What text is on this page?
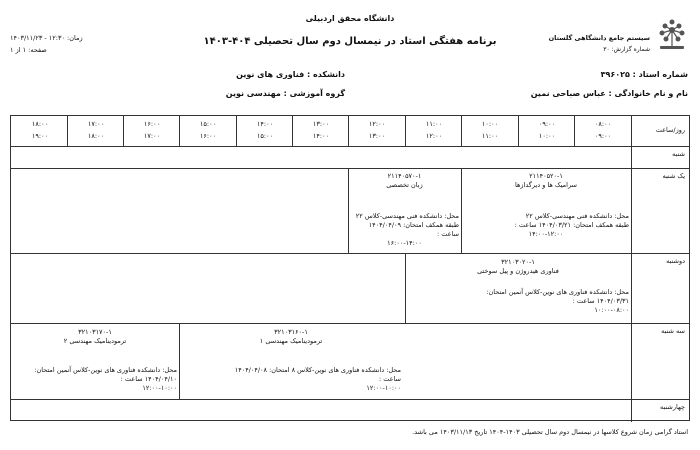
دانشگاه محقق اردبیلی
برنامه هفتگی استاد در نیمسال دوم سال تحصیلی ۴۰۴-۱۴۰۳
زمان: ۱۲:۳۰ - ۱۴۰۳/۱۱/۲۳
صفحه: ۱ از ۱
سیستم جامع دانشگاهی گلستان
شماره گزارش: ۳۰
شماره استاد : ۳۹۶۰۲۵
نام و نام خانوادگی : عباس صباحی نمین
دانشکده : فناوری های نوین
گروه آموزشی : مهندسی نوین
۰۸:۰۰
۰۹:۰۰
۰۹:۰۰
۱۰:۰۰
۱۰:۰۰
۱۱:۰۰
۱۱:۰۰
۱۲:۰۰
۱۲:۰۰
۱۳:۰۰
۱۳:۰۰
۱۴:۰۰
۱۴:۰۰
۱۵:۰۰
۱۵:۰۰
۱۶:۰۰
۱۶:۰۰
۱۷:۰۰
۱۷:۰۰
۱۸:۰۰
۱۸:۰۰
۱۹:۰۰
روز/ساعت
شنبه
یک شنبه
دوشنبه
سه شنبه
چهارشنبه
۲۱۱۴۰۵۲۰-۱
سرامیک ها و دیرگدازها
محل: دانشکده فنی مهندسی-کلاس ۲۲
طبقه همکف امتحان: ۱۴۰۴/۰۳/۲۱ ساعت :
۱۴:۰۰-۱۲:۰۰
۲۱۱۴۰۵۷۰-۱
زبان تخصصی
محل: دانشکده فنی مهندسی-کلاس ۲۲
طبقه همکف امتحان: ۱۴۰۴/۰۴/۰۹ ساعت :
۱۶:۰۰-۱۴:۰۰
۳۲۱۰۳۰۲۰-۱
فناوری هیدروژن و پیل سوختی
محل: دانشکده فناوری های نوین-کلاس آنمین امتحان:
۱۴۰۴/۰۳/۳۱ ساعت :
۱۰:۰۰-۰۸:۰۰
۳۲۱۰۳۱۶۰-۱
ترمودینامیک مهندسی ۱
محل: دانشکده فناوری های نوین-کلاس ۸ امتحان: ۱۴۰۴/۰۴/۰۸
ساعت :
۱۲:۰۰-۱۰:۰۰
۳۲۱۰۳۱۷۰-۱
ترمودینامیک مهندسی ۲
محل: دانشکده فناوری های نوین-کلاس آنمین امتحان:
۱۴۰۴/۰۴/۱۰ ساعت :
۱۲:۰۰-۱۰:۰۰
استاد گرامی زمان شروع کلاسها در نیمسال دوم سال تحصیلی ۱۴۰۳-۱۴۰۴ تاریخ ۱۴۰۳/۱۱/۱۳ می باشد.
